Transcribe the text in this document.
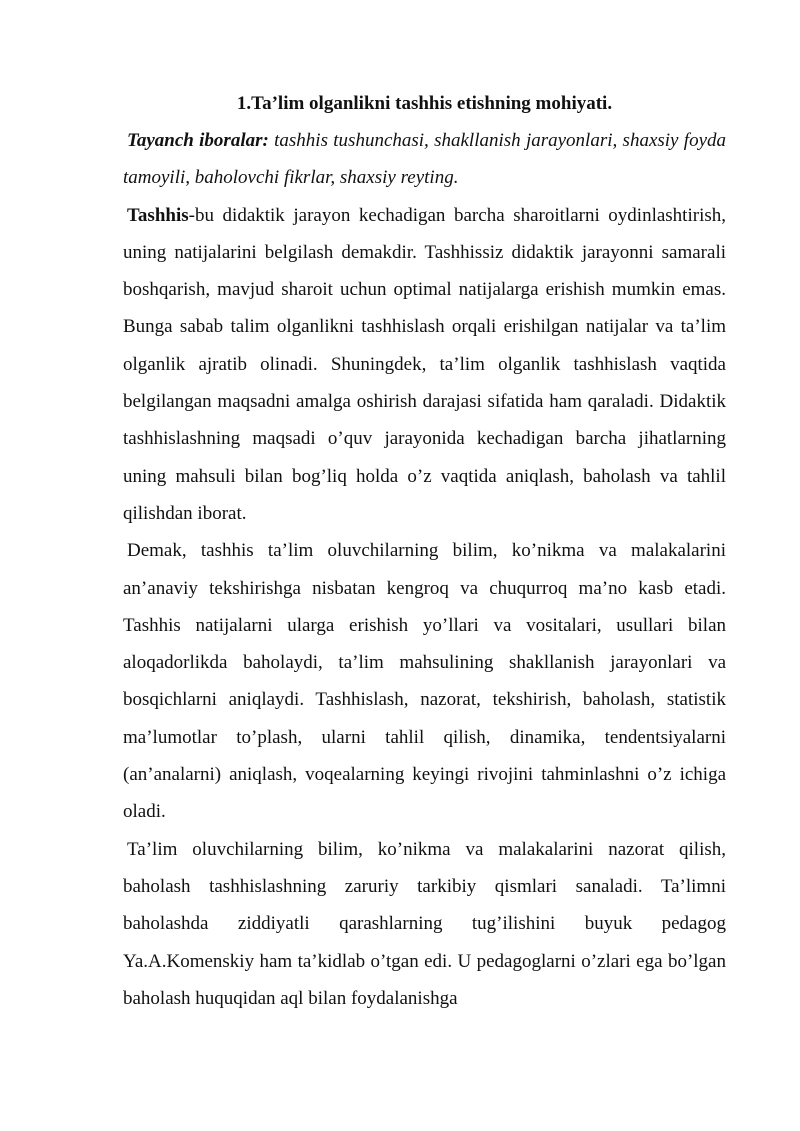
1.Ta’lim olganlikni tashhis etishning mohiyati.

Tayanch iboralar: tashhis tushunchasi, shakllanish jarayonlari, shaxsiy foyda tamoyili, baholovchi fikrlar, shaxsiy reyting.

Tashhis-bu didaktik jarayon kechadigan barcha sharoitlarni oydinlashtirish, uning natijalarini belgilash demakdir. Tashhissiz didaktik jarayonni samarali boshqarish, mavjud sharoit uchun optimal natijalarga erishish mumkin emas. Bunga sabab talim olganlikni tashhislash orqali erishilgan natijalar va ta’lim olganlik ajratib olinadi. Shuningdek, ta’lim olganlik tashhislash vaqtida belgilangan maqsadni amalga oshirish darajasi sifatida ham qaraladi. Didaktik tashhislashning maqsadi o’quv jarayonida kechadigan barcha jihatlarning uning mahsuli bilan bog’liq holda o’z vaqtida aniqlash, baholash va tahlil qilishdan iborat.

Demak, tashhis ta’lim oluvchilarning bilim, ko’nikma va malakalarini an’anaviy tekshirishga nisbatan kengroq va chuqurroq ma’no kasb etadi. Tashhis natijalarni ularga erishish yo’llari va vositalari, usullari bilan aloqadorlikda baholaydi, ta’lim mahsulining shakllanish jarayonlari va bosqichlarni aniqlaydi. Tashhislash, nazorat, tekshirish, baholash, statistik ma’lumotlar to’plash, ularni tahlil qilish, dinamika, tendentsiyalarni (an’analarni) aniqlash, voqealarning keyingi rivojini tahminlashni o’z ichiga oladi.

Ta’lim oluvchilarning bilim, ko’nikma va malakalarini nazorat qilish, baholash tashhislashning zaruriy tarkibiy qismlari sanaladi. Ta’limni baholashda ziddiyatli qarashlarning tug’ilishini buyuk pedagog Ya.A.Komenskiy ham ta’kidlab o’tgan edi. U pedagoglarni o’zlari ega bo’lgan baholash huquqidan aql bilan foydalanishga
